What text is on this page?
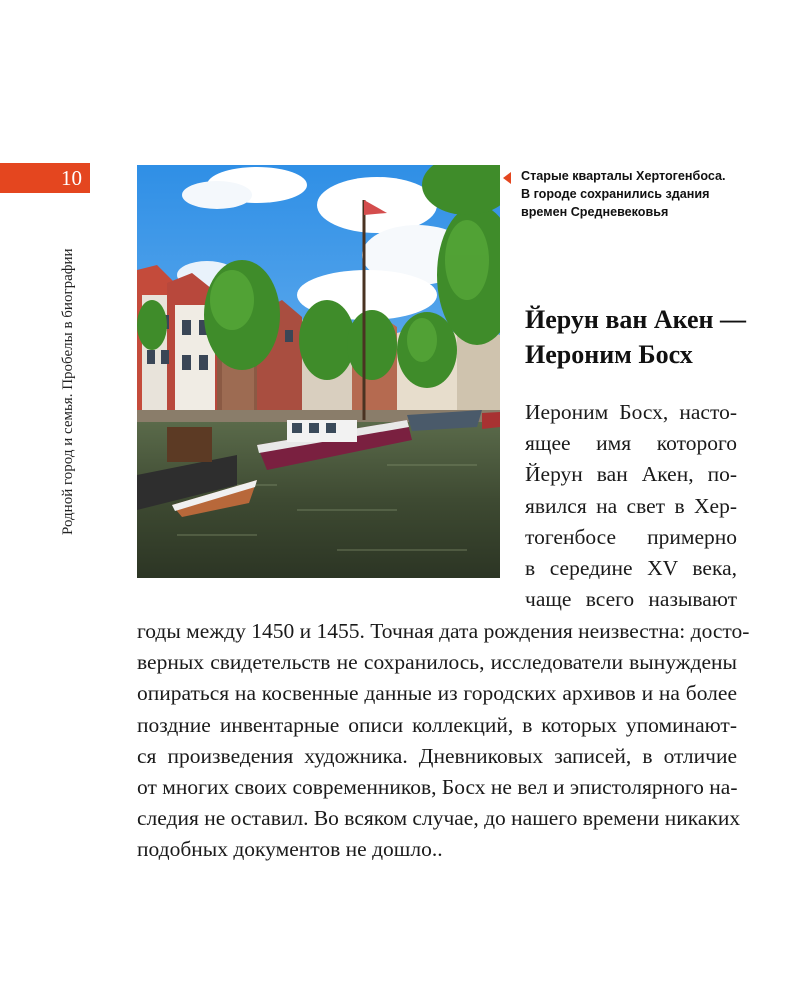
10
Родной город и семья. Пробелы в биографии
Старые кварталы Хертогенбоса.
В городе сохранились здания
времен Средневековья
Йерун ван Акен —
Иероним Босх
Иероним Босх, насто-
ящее имя которого
Йерун ван Акен, по-
явился на свет в Хер-
тогенбосе примерно
в середине XV века,
чаще всего называют
годы между 1450 и 1455. Точная дата рождения неизвестна: досто-
верных свидетельств не сохранилось, исследователи вынуждены
опираться на косвенные данные из городских архивов и на более
поздние инвентарные описи коллекций, в которых упоминают-
ся произведения художника. Дневниковых записей, в отличие
от многих своих современников, Босх не вел и эпистолярного на-
следия не оставил. Во всяком случае, до нашего времени никаких
подобных документов не дошло..
